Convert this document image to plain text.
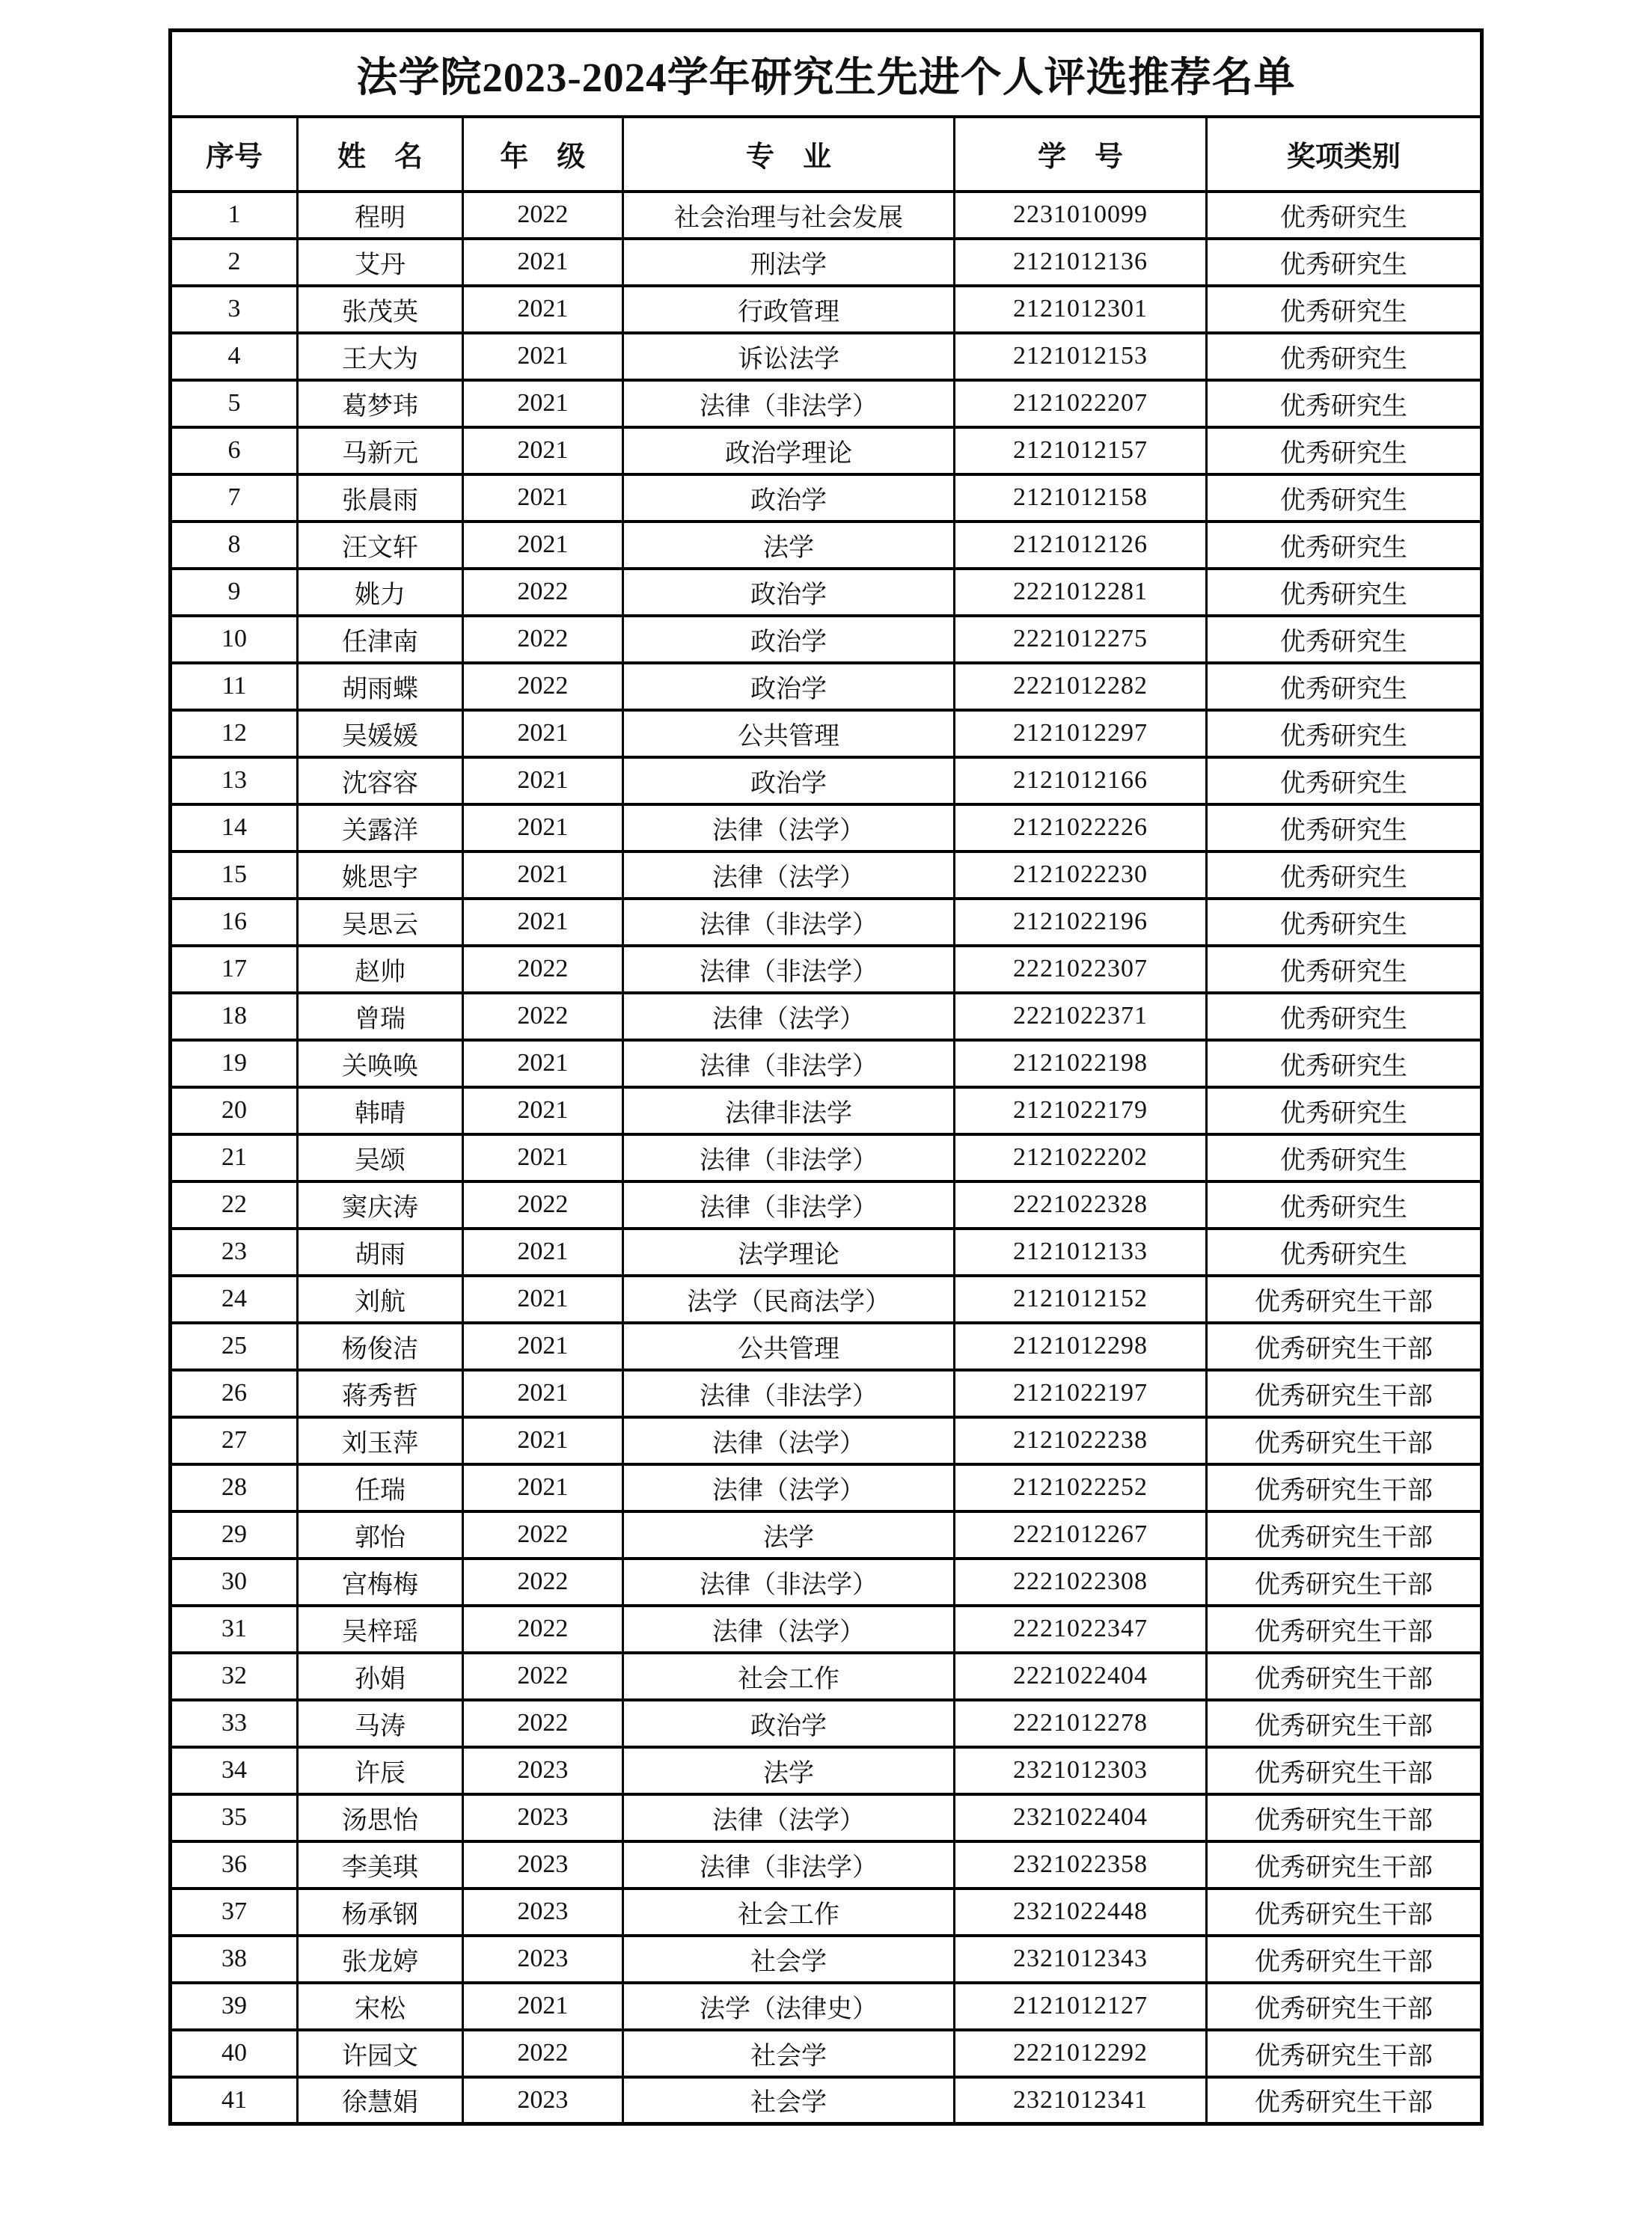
法学院2023-2024学年研究生先进个人评选推荐名单					
序号	姓　名	年　级	专　业	学　号	奖项类别
1	程明	2022	社会治理与社会发展	2231010099	优秀研究生
2	艾丹	2021	刑法学	2121012136	优秀研究生
3	张茂英	2021	行政管理	2121012301	优秀研究生
4	王大为	2021	诉讼法学	2121012153	优秀研究生
5	葛梦玮	2021	法律（非法学）	2121022207	优秀研究生
6	马新元	2021	政治学理论	2121012157	优秀研究生
7	张晨雨	2021	政治学	2121012158	优秀研究生
8	汪文轩	2021	法学	2121012126	优秀研究生
9	姚力	2022	政治学	2221012281	优秀研究生
10	任津南	2022	政治学	2221012275	优秀研究生
11	胡雨蝶	2022	政治学	2221012282	优秀研究生
12	吴媛媛	2021	公共管理	2121012297	优秀研究生
13	沈容容	2021	政治学	2121012166	优秀研究生
14	关露洋	2021	法律（法学）	2121022226	优秀研究生
15	姚思宇	2021	法律（法学）	2121022230	优秀研究生
16	吴思云	2021	法律（非法学）	2121022196	优秀研究生
17	赵帅	2022	法律（非法学）	2221022307	优秀研究生
18	曾瑞	2022	法律（法学）	2221022371	优秀研究生
19	关唤唤	2021	法律（非法学）	2121022198	优秀研究生
20	韩晴	2021	法律非法学	2121022179	优秀研究生
21	吴颂	2021	法律（非法学）	2121022202	优秀研究生
22	窦庆涛	2022	法律（非法学）	2221022328	优秀研究生
23	胡雨	2021	法学理论	2121012133	优秀研究生
24	刘航	2021	法学（民商法学）	2121012152	优秀研究生干部
25	杨俊洁	2021	公共管理	2121012298	优秀研究生干部
26	蒋秀哲	2021	法律（非法学）	2121022197	优秀研究生干部
27	刘玉萍	2021	法律（法学）	2121022238	优秀研究生干部
28	任瑞	2021	法律（法学）	2121022252	优秀研究生干部
29	郭怡	2022	法学	2221012267	优秀研究生干部
30	宫梅梅	2022	法律（非法学）	2221022308	优秀研究生干部
31	吴梓瑶	2022	法律（法学）	2221022347	优秀研究生干部
32	孙娟	2022	社会工作	2221022404	优秀研究生干部
33	马涛	2022	政治学	2221012278	优秀研究生干部
34	许辰	2023	法学	2321012303	优秀研究生干部
35	汤思怡	2023	法律（法学）	2321022404	优秀研究生干部
36	李美琪	2023	法律（非法学）	2321022358	优秀研究生干部
37	杨承钢	2023	社会工作	2321022448	优秀研究生干部
38	张龙婷	2023	社会学	2321012343	优秀研究生干部
39	宋松	2021	法学（法律史）	2121012127	优秀研究生干部
40	许园文	2022	社会学	2221012292	优秀研究生干部
41	徐慧娟	2023	社会学	2321012341	优秀研究生干部
